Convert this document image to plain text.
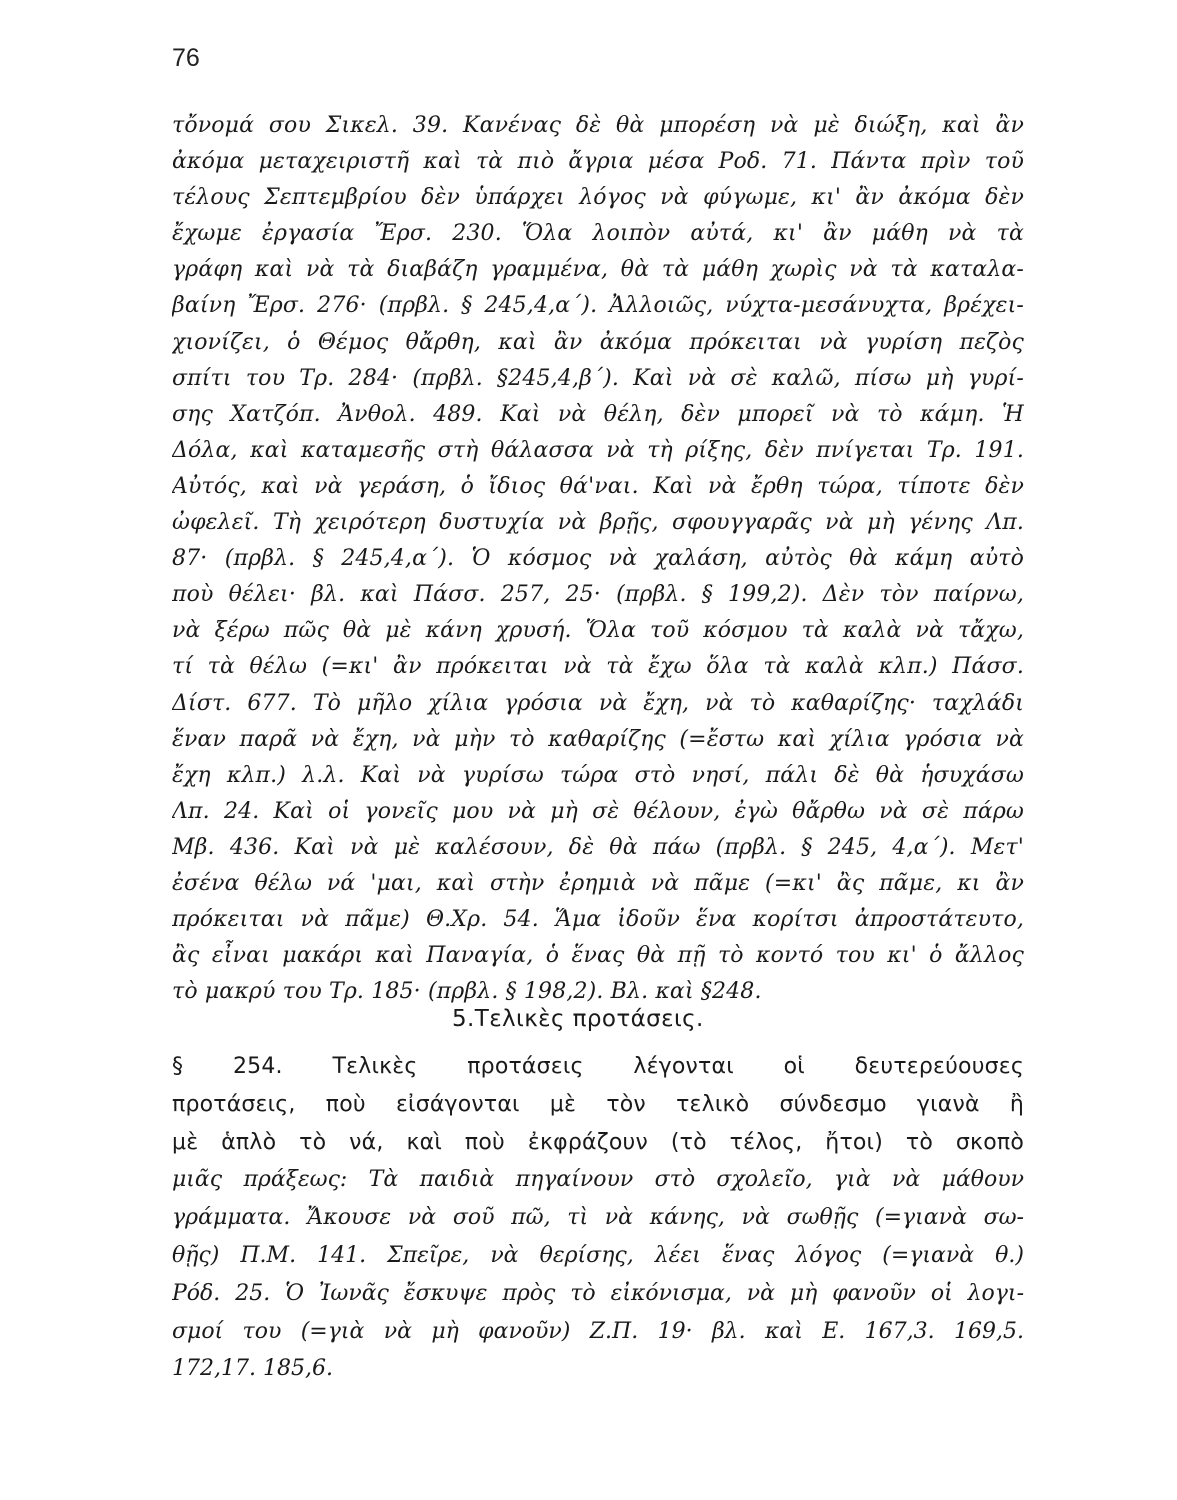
76
τὄνομά σου Σικελ. 39. Κανένας δὲ θὰ μπορέση νὰ μὲ διώξη, καὶ ἂν
ἀκόμα μεταχειριστῆ καὶ τὰ πιὸ ἄγρια μέσα Ροδ. 71. Πάντα πρὶν τοῦ
τέλους Σεπτεμβρίου δὲν ὑπάρχει λόγος νὰ φύγωμε, κι' ἂν ἀκόμα δὲν
ἔχωμε ἐργασία Ἔρσ. 230. Ὅλα λοιπὸν αὐτά, κι' ἂν μάθη νὰ τὰ
γράφη καὶ νὰ τὰ διαβάζη γραμμένα, θὰ τὰ μάθη χωρὶς νὰ τὰ καταλα-
βαίνη Ἔρσ. 276· (πρβλ. § 245,4,α΄). Ἀλλοιῶς, νύχτα-μεσάνυχτα, βρέχει-
χιονίζει, ὁ Θέμος θἄρθη, καὶ ἂν ἀκόμα πρόκειται νὰ γυρίση πεζὸς
σπίτι του Τρ. 284· (πρβλ. §245,4,β΄). Καὶ νὰ σὲ καλῶ, πίσω μὴ γυρί-
σης Χατζόπ. Ἀνθολ. 489. Καὶ νὰ θέλη, δὲν μπορεῖ νὰ τὸ κάμη. Ἡ
Δόλα, καὶ καταμεσῆς στὴ θάλασσα νὰ τὴ ρίξης, δὲν πνίγεται Τρ. 191.
Αὐτός, καὶ νὰ γεράση, ὁ ἴδιος θά'ναι. Καὶ νὰ ἔρθη τώρα, τίποτε δὲν
ὠφελεῖ. Τὴ χειρότερη δυστυχία νὰ βρῇς, σφουγγαρᾶς νὰ μὴ γένης Λπ.
87· (πρβλ. § 245,4,α΄). Ὁ κόσμος νὰ χαλάση, αὐτὸς θὰ κάμη αὐτὸ
ποὺ θέλει· βλ. καὶ Πάσσ. 257, 25· (πρβλ. § 199,2). Δὲν τὸν παίρνω,
νὰ ξέρω πῶς θὰ μὲ κάνη χρυσή. Ὅλα τοῦ κόσμου τὰ καλὰ νὰ τἄχω,
τί τὰ θέλω (=κι' ἂν πρόκειται νὰ τὰ ἔχω ὅλα τὰ καλὰ κλπ.) Πάσσ.
Δίστ. 677. Τὸ μῆλο χίλια γρόσια νὰ ἔχη, νὰ τὸ καθαρίζης· ταχλάδι
ἕναν παρᾶ νὰ ἔχη, νὰ μὴν τὸ καθαρίζης (=ἔστω καὶ χίλια γρόσια νὰ
ἔχη κλπ.) λ.λ. Καὶ νὰ γυρίσω τώρα στὸ νησί, πάλι δὲ θὰ ἡσυχάσω
Λπ. 24. Καὶ οἱ γονεῖς μου νὰ μὴ σὲ θέλουν, ἐγὼ θἄρθω νὰ σὲ πάρω
Μβ. 436. Καὶ νὰ μὲ καλέσουν, δὲ θὰ πάω (πρβλ. § 245, 4,α΄). Μετ'
ἐσένα θέλω νά 'μαι, καὶ στὴν ἐρημιὰ νὰ πᾶμε (=κι' ἂς πᾶμε, κι ἂν
πρόκειται νὰ πᾶμε) Θ.Χρ. 54. Ἅμα ἰδοῦν ἕνα κορίτσι ἀπροστάτευτο,
ἂς εἶναι μακάρι καὶ Παναγία, ὁ ἕνας θὰ πῇ τὸ κοντό του κι' ὁ ἄλλος
τὸ μακρύ του Τρ. 185· (πρβλ. § 198,2). Βλ. καὶ §248.
5.Τελικὲς προτάσεις.
§ 254. Τελικὲς προτάσεις λέγονται οἱ δευτερεύουσες
προτάσεις, ποὺ εἰσάγονται μὲ τὸν τελικὸ σύνδεσμο γιανὰ ἢ
μὲ ἁπλὸ τὸ νά, καὶ ποὺ ἐκφράζουν (τὸ τέλος, ἤτοι) τὸ σκοπὸ
μιᾶς πράξεως: Τὰ παιδιὰ πηγαίνουν στὸ σχολεῖο, γιὰ νὰ μάθουν
γράμματα. Ἄκουσε νὰ σοῦ πῶ, τὶ νὰ κάνης, νὰ σωθῇς (=γιανὰ σω-
θῇς) Π.Μ. 141. Σπεῖρε, νὰ θερίσης, λέει ἕνας λόγος (=γιανὰ θ.)
Ρόδ. 25. Ὁ Ἰωνᾶς ἔσκυψε πρὸς τὸ εἰκόνισμα, νὰ μὴ φανοῦν οἱ λογι-
σμοί του (=γιὰ νὰ μὴ φανοῦν) Ζ.Π. 19· βλ. καὶ Ε. 167,3. 169,5.
172,17. 185,6.
